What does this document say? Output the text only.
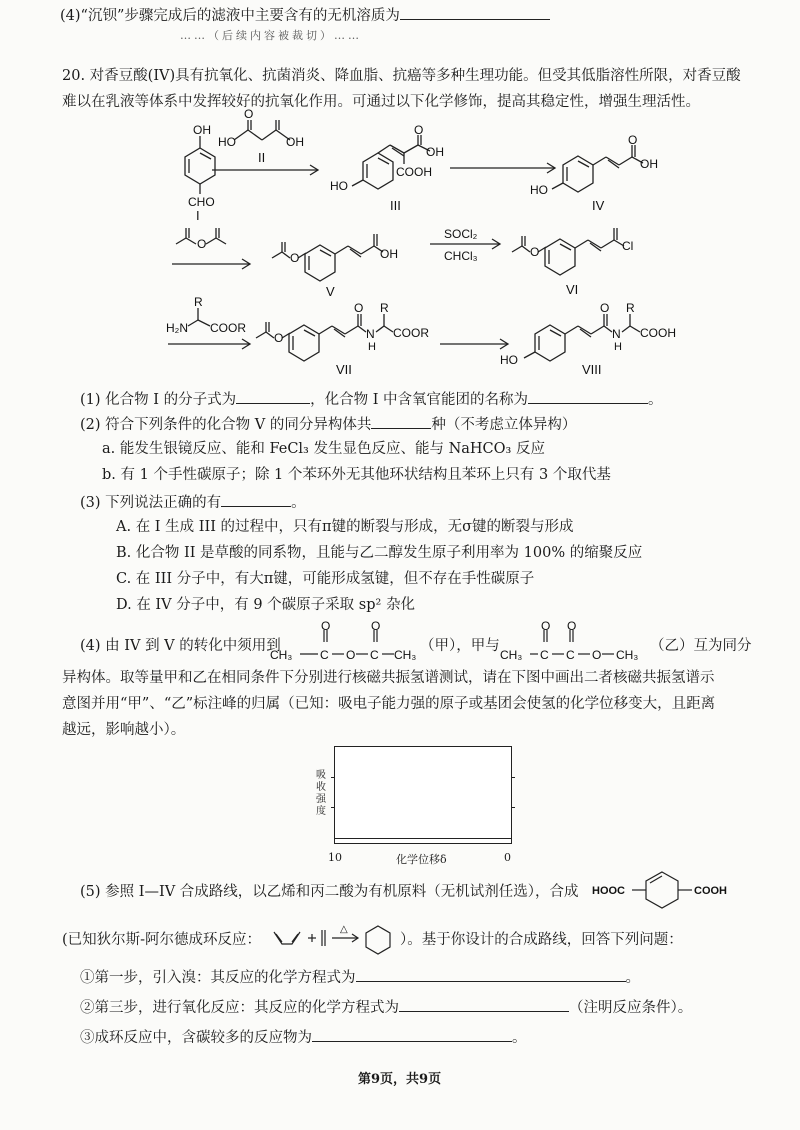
(4)“沉钡”步骤完成后的滤液中主要含有的无机溶质为
……（后续内容被裁切）……
20. 对香豆酸(IV)具有抗氧化、抗菌消炎、降血脂、抗癌等多种生理功能。但受其低脂溶性所限，对香豆酸
难以在乳液等体系中发挥较好的抗氧化作用。可通过以下化学修饰，提高其稳定性，增强生理活性。
OH
CHO
I
HO	OH
O
II
HO
O
OH
COOH
III
HO
O
OH
IV
O
O	OH
V
SOCl₂
CHCl₃	O	Cl
VI
R
H₂N COOR
O
O
N
H
R
COOR
VII
HO
O
N
H
R
COOH
VIII
(1) 化合物 I 的分子式为	，化合物 I 中含氧官能团的名称为	。
(2) 符合下列条件的化合物 V 的同分异构体共	种（不考虑立体异构）
a. 能发生银镜反应、能和 FeCl₃ 发生显色反应、能与 NaHCO₃ 反应
b. 有 1 个手性碳原子；除 1 个苯环外无其他环状结构且苯环上只有 3 个取代基
(3) 下列说法正确的有	。
A. 在 I 生成 III 的过程中，只有π键的断裂与形成，无σ键的断裂与形成
B. 化合物 II 是草酸的同系物，且能与乙二醇发生原子利用率为 100% 的缩聚反应
C. 在 III 分子中，有大π键，可能形成氢键，但不存在手性碳原子
D. 在 IV 分子中，有 9 个碳原子采取 sp² 杂化
(4) 由 IV 到 V 的转化中须用到
O	O
CH₃ C O C CH₃
（甲），甲与
O O
CH₃ C C O CH₃
（乙）互为同分
异构体。取等量甲和乙在相同条件下分别进行核磁共振氢谱测试，请在下图中画出二者核磁共振氢谱示
意图并用“甲”、“乙”标注峰的归属（已知：吸电子能力强的原子或基团会使氢的化学位移变大，且距离
越远，影响越小）。
吸
收
强
度
10	0
化学位移δ
(5) 参照 I—IV 合成路线，以乙烯和丙二酸为有机原料（无机试剂任选），合成 HOOC	COOH
(已知狄尔斯-阿尔德成环反应：
△
）。基于你设计的合成路线，回答下列问题：
①第一步，引入溴：其反应的化学方程式为	。
②第三步，进行氧化反应：其反应的化学方程式为	（注明反应条件）。
③成环反应中，含碳较多的反应物为	。
第9页，共9页
